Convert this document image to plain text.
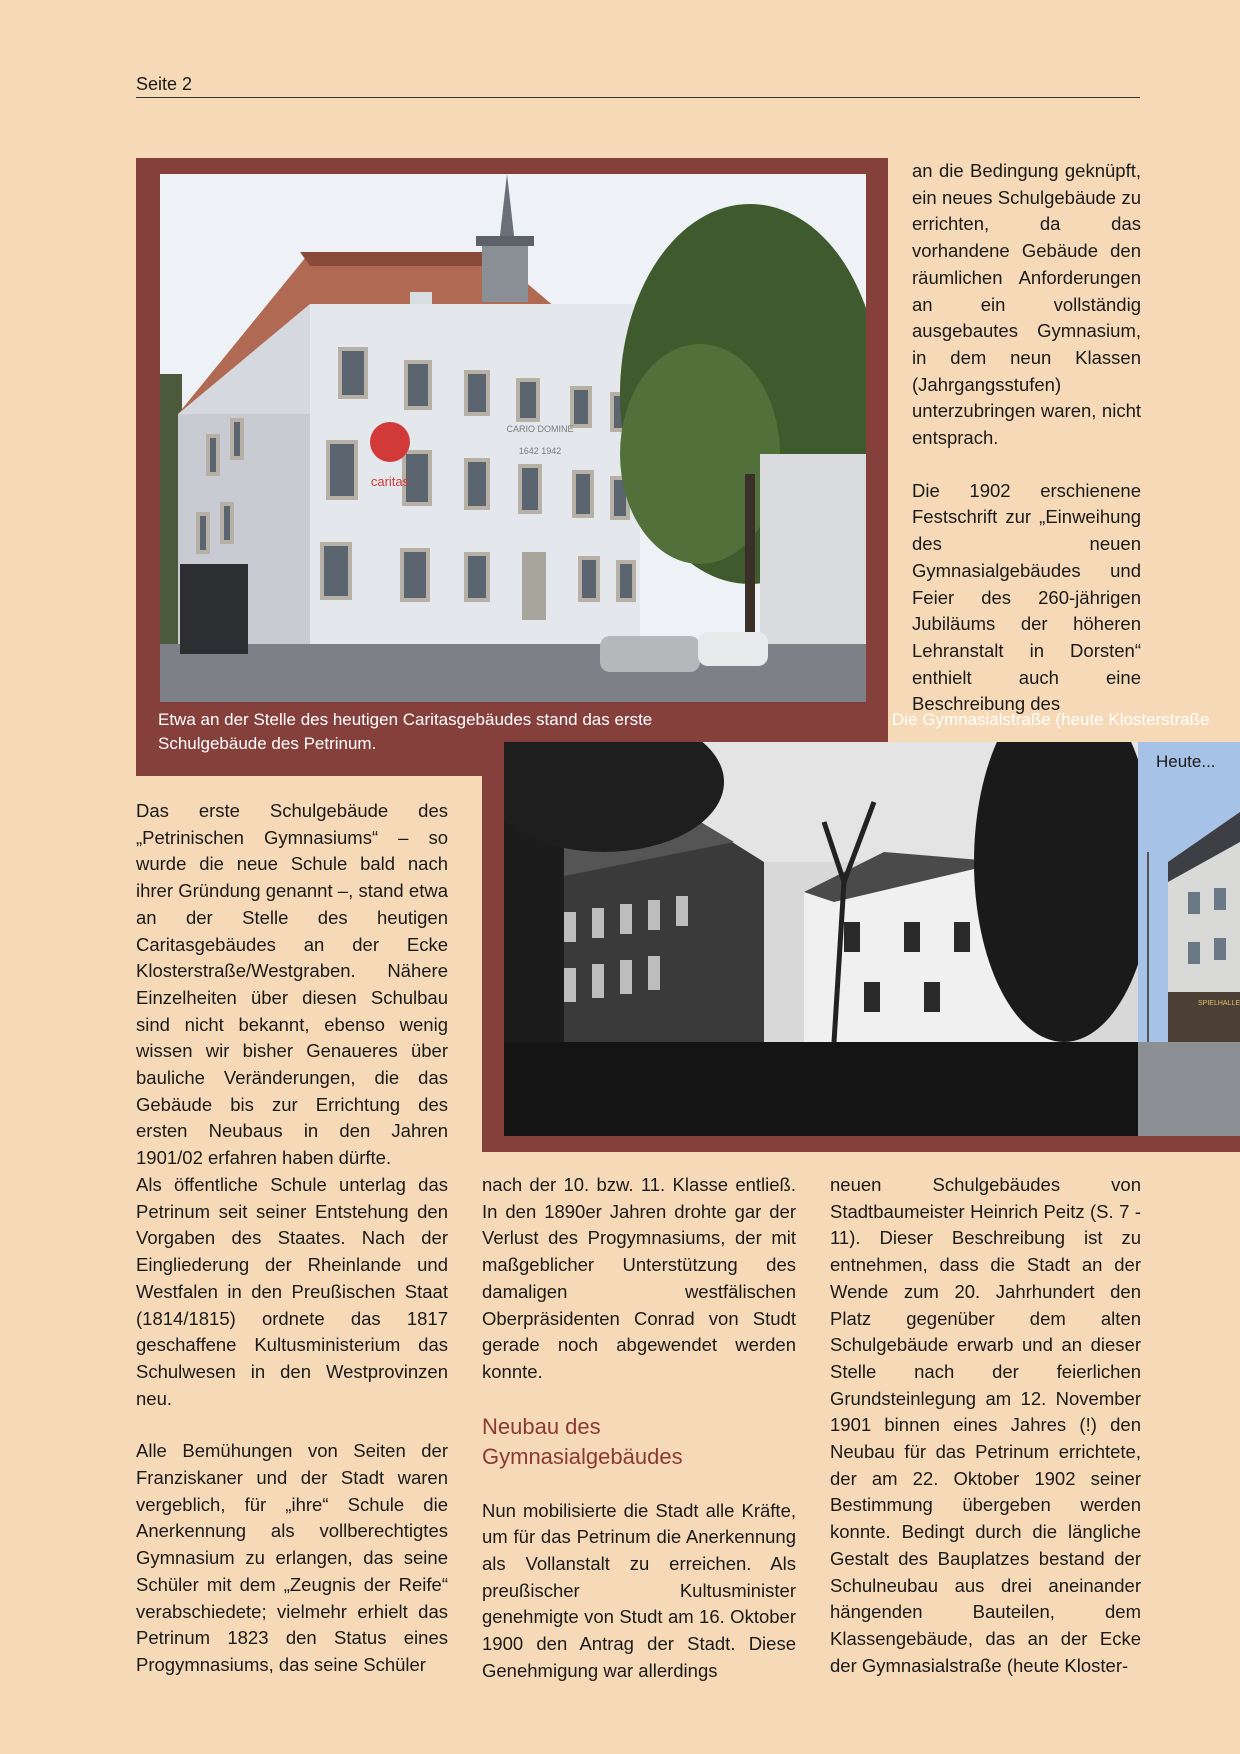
Seite 2
caritas
CARIO DOMINE
1642 1942
Etwa an der Stelle des heutigen Caritasgebäudes stand das erste Schulgebäude des Petrinum.
Die Gymnasialstraße (heute Klosterstraße
SPIELHALLE
Heute...

an die Bedingung geknüpft, ein neues Schulgebäude zu errichten, da das vorhandene Gebäude den räumlichen Anforderungen an ein vollständig ausgebautes Gymnasium, in dem neun Klassen (Jahrgangsstufen) unterzubringen waren, nicht entsprach.

Die 1902 erschienene Festschrift zur „Einweihung des neuen Gymnasialgebäudes und Feier des 260-jährigen Jubiläums der höheren Lehranstalt in Dorsten“ enthielt auch eine Beschreibung des

Das erste Schulgebäude des „Petrinischen Gymnasiums“ – so wurde die neue Schule bald nach ihrer Gründung genannt –, stand etwa an der Stelle des heutigen Caritasgebäudes an der Ecke Klosterstraße/Westgraben. Nähere Einzelheiten über diesen Schulbau sind nicht bekannt, ebenso wenig wissen wir bisher Genaueres über bauliche Veränderungen, die das Gebäude bis zur Errichtung des ersten Neubaus in den Jahren 1901/02 erfahren haben dürfte.

Als öffentliche Schule unterlag das Petrinum seit seiner Entstehung den Vorgaben des Staates. Nach der Eingliederung der Rheinlande und Westfalen in den Preußischen Staat (1814/1815) ordnete das 1817 geschaffene Kultusministerium das Schulwesen in den Westprovinzen neu.

Alle Bemühungen von Seiten der Franziskaner und der Stadt waren vergeblich, für „ihre“ Schule die Anerkennung als vollberechtigtes Gymnasium zu erlangen, das seine Schüler mit dem „Zeugnis der Reife“ verabschiedete; vielmehr erhielt das Petrinum 1823 den Status eines Progymnasiums, das seine Schüler

nach der 10. bzw. 11. Klasse entließ. In den 1890er Jahren drohte gar der Verlust des Progymnasiums, der mit maßgeblicher Unterstützung des damaligen westfälischen Oberpräsidenten Conrad von Studt gerade noch abgewendet werden konnte.

Neubau des Gymnasialgebäudes

Nun mobilisierte die Stadt alle Kräfte, um für das Petrinum die Anerkennung als Vollanstalt zu erreichen. Als preußischer Kultusminister genehmigte von Studt am 16. Oktober 1900 den Antrag der Stadt. Diese Genehmigung war allerdings

neuen Schulgebäudes von Stadtbaumeister Heinrich Peitz (S. 7 - 11). Dieser Beschreibung ist zu entnehmen, dass die Stadt an der Wende zum 20. Jahrhundert den Platz gegenüber dem alten Schulgebäude erwarb und an dieser Stelle nach der feierlichen Grundsteinlegung am 12. November 1901 binnen eines Jahres (!) den Neubau für das Petrinum errichtete, der am 22. Oktober 1902 seiner Bestimmung übergeben werden konnte. Bedingt durch die längliche Gestalt des Bauplatzes bestand der Schulneubau aus drei aneinander hängenden Bauteilen, dem Klassengebäude, das an der Ecke der Gymnasialstraße (heute Kloster-
